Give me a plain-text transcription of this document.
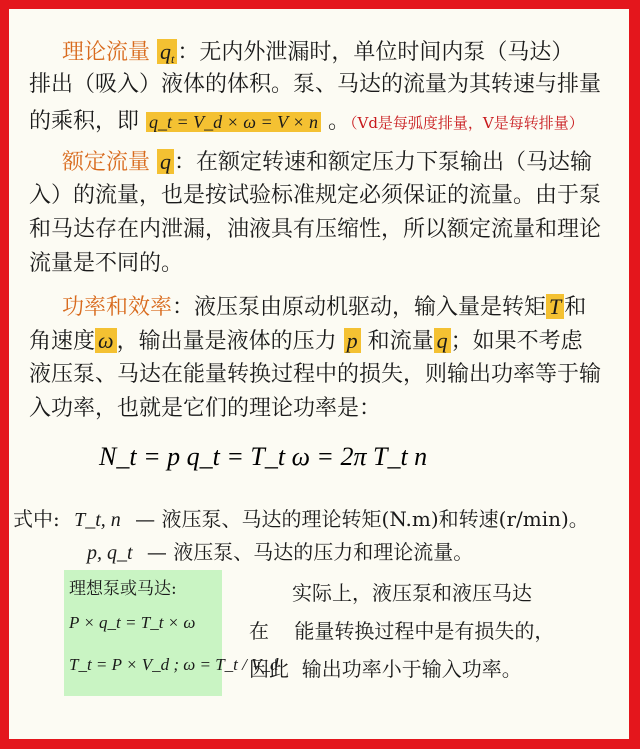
理论流量 $q_t$ ：无内外泄漏时，单位时间内泵（马达）
排出（吸入）液体的体积。泵、马达的流量为其转速与排量
的乘积，即 q_t = V_d × ω = V × n 。（Vd是每弧度排量，V是每转排量）
额定流量 q ：在额定转速和额定压力下泵输出（马达输
入）的流量，也是按试验标准规定必须保证的流量。由于泵
和马达存在内泄漏，油液具有压缩性，所以额定流量和理论
流量是不同的。
功率和效率：液压泵由原动机驱动，输入量是转矩 T 和
角速度 ω ，输出量是液体的压力 p 和流量 q ；如果不考虑
液压泵、马达在能量转换过程中的损失，则输出功率等于输
入功率，也就是它们的理论功率是：
N_t = p q_t = T_t ω = 2π T_t n
式中: T_t, n — 液压泵、马达的理论转矩(N.m)和转速(r/min)。
p, q_t — 液压泵、马达的压力和理论流量。
理想泵或马达:
P × q_t = T_t × ω
T_t = P × V_d ; ω = T_t / V_d
实际上，液压泵和液压马达
在    能量转换过程中是有损失的，
因此  输出功率小于输入功率。
